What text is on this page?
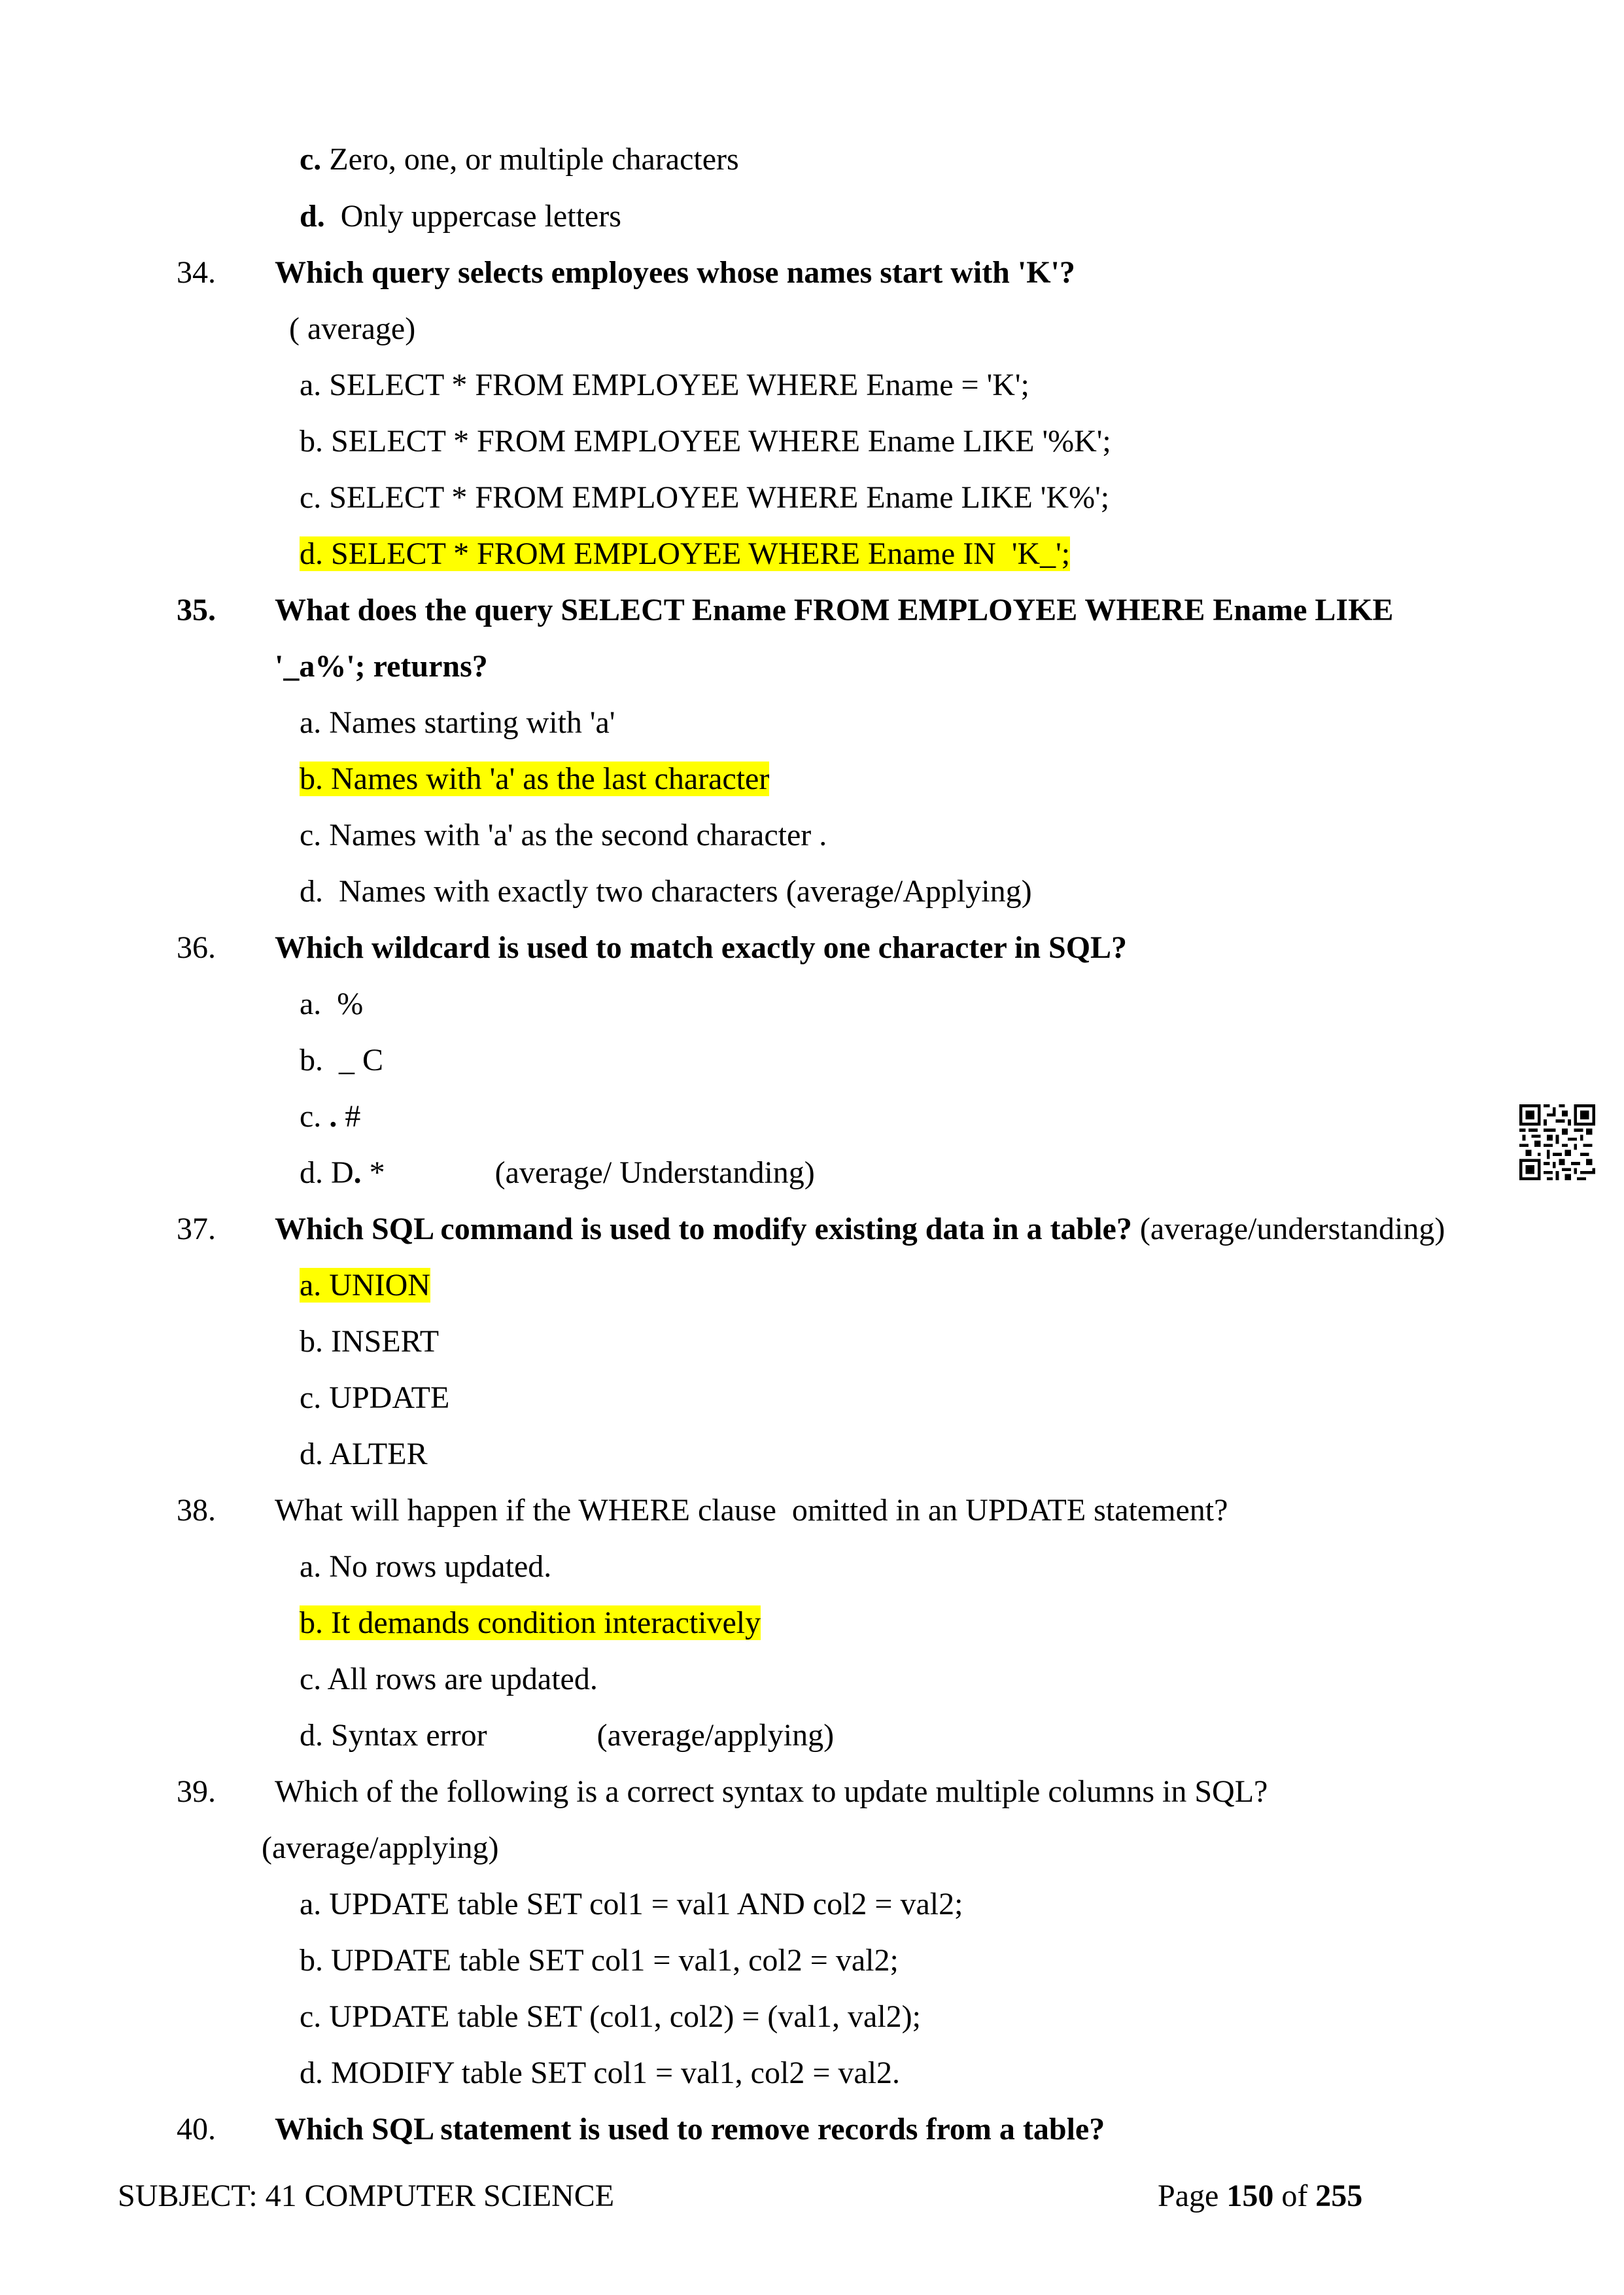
c. Zero, one, or multiple characters
d.  Only uppercase letters
34. Which query selects employees whose names start with 'K'?
( average)
a. SELECT * FROM EMPLOYEE WHERE Ename = 'K';
b. SELECT * FROM EMPLOYEE WHERE Ename LIKE '%K';
c. SELECT * FROM EMPLOYEE WHERE Ename LIKE 'K%';
d. SELECT * FROM EMPLOYEE WHERE Ename IN  'K_';
35. What does the query SELECT Ename FROM EMPLOYEE WHERE Ename LIKE
'_a%'; returns?
a. Names starting with 'a'
b. Names with 'a' as the last character
c. Names with 'a' as the second character .
d.  Names with exactly two characters (average/Applying)
36. Which wildcard is used to match exactly one character in SQL?
a.  %
b.  _ C
c. . #
d. D. *              (average/ Understanding)
37. Which SQL command is used to modify existing data in a table? (average/understanding)
a. UNION
b. INSERT
c. UPDATE
d. ALTER
38. What will happen if the WHERE clause  omitted in an UPDATE statement?
a. No rows updated.
b. It demands condition interactively
c. All rows are updated.
d. Syntax error              (average/applying)
39. Which of the following is a correct syntax to update multiple columns in SQL?
(average/applying)
a. UPDATE table SET col1 = val1 AND col2 = val2;
b. UPDATE table SET col1 = val1, col2 = val2;
c. UPDATE table SET (col1, col2) = (val1, val2);
d. MODIFY table SET col1 = val1, col2 = val2.
40. Which SQL statement is used to remove records from a table?
SUBJECT: 41 COMPUTER SCIENCE	Page 150 of 255
